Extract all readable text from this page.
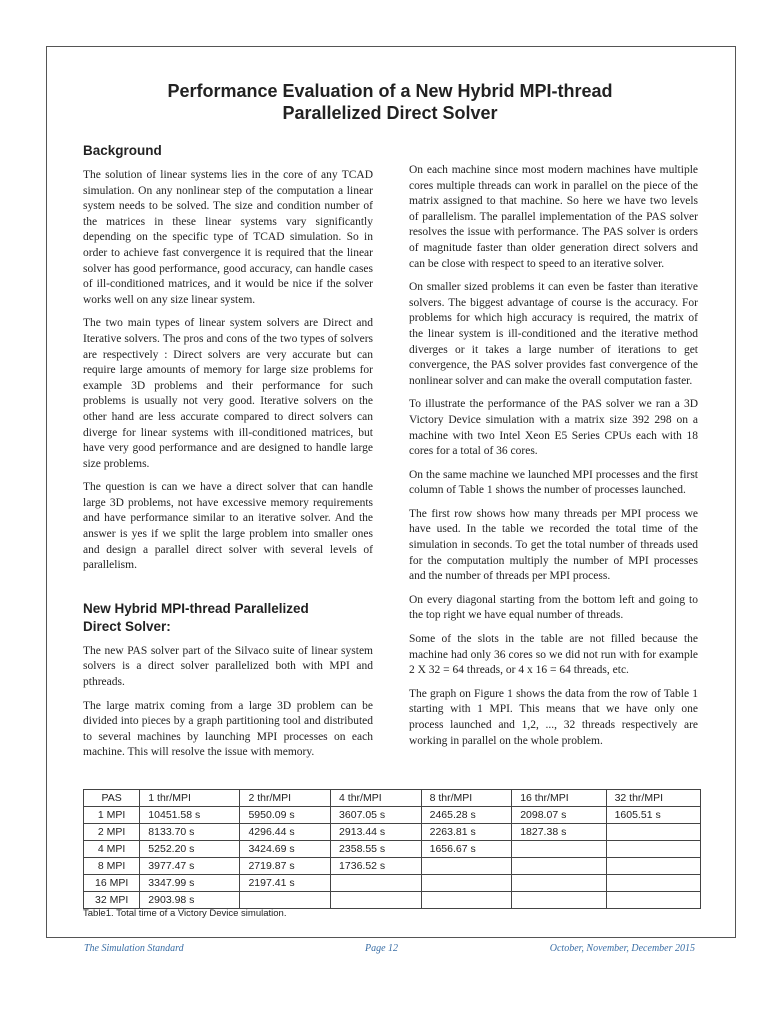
Performance Evaluation of a New Hybrid MPI-thread
Parallelized Direct Solver
Background

The solution of linear systems lies in the core of any TCAD simulation. On any nonlinear step of the computation a linear system needs to be solved. The size and condition number of the matrices in these linear systems vary significantly depending on the specific type of TCAD simulation. So in order to achieve fast convergence it is required that the linear solver has good performance, good accuracy, can handle cases of ill-conditioned matrices, and it would be nice if the solver works well on any size linear system.

The two main types of linear system solvers are Direct and Iterative solvers. The pros and cons of the two types of solvers are respectively : Direct solvers are very accurate but can require large amounts of memory for large size problems for example 3D problems and their performance for such problems is usually not very good. Iterative solvers on the other hand are less accurate compared to direct solvers can diverge for linear systems with ill-conditioned matrices, but have very good performance and are designed to handle large size problems.

The question is can we have a direct solver that can handle large 3D problems, not have excessive memory requirements and have performance similar to an iterative solver. And the answer is yes if we split the large problem into smaller ones and design a parallel direct solver with several levels of parallelism.

New Hybrid MPI-thread Parallelized
Direct Solver:

The new PAS solver part of the Silvaco suite of linear system solvers is a direct solver parallelized both with MPI and pthreads.

The large matrix coming from a large 3D problem can be divided into pieces by a graph partitioning tool and distributed to several machines by launching MPI processes on each machine. This will resolve the issue with memory.

On each machine since most modern machines have multiple cores multiple threads can work in parallel on the piece of the matrix assigned to that machine. So here we have two levels of parallelism. The parallel implementation of the PAS solver resolves the issue with performance. The PAS solver is orders of magnitude faster than older generation direct solvers and can be close with respect to speed to an iterative solver.

On smaller sized problems it can even be faster than iterative solvers. The biggest advantage of course is the accuracy. For problems for which high accuracy is required, the matrix of the linear system is ill-conditioned and the iterative method diverges or it takes a large number of iterations to get convergence, the PAS solver provides fast convergence of the nonlinear solver and can make the overall computation faster.

To illustrate the performance of the PAS solver we ran a 3D Victory Device simulation with a matrix size 392 298 on a machine with two Intel Xeon E5 Series CPUs each with 18 cores for a total of 36 cores.

On the same machine we launched MPI processes and the first column of Table 1 shows the number of processes launched.

The first row shows how many threads per MPI process we have used. In the table we recorded the total time of the simulation in seconds. To get the total number of threads used for the computation multiply the number of MPI processes and the number of threads per MPI process.

On every diagonal starting from the bottom left and going to the top right we have equal number of threads.

Some of the slots in the table are not filled because the machine had only 36 cores so we did not run with for example 2 X 32 = 64 threads, or 4 x 16 = 64 threads, etc.

The graph on Figure 1 shows the data from the row of Table 1 starting with 1 MPI. This means that we have only one process launched and 1,2, ..., 32 threads respectively are working in parallel on the whole problem.

PAS	1 thr/MPI	2 thr/MPI	4 thr/MPI	8 thr/MPI	16 thr/MPI	32 thr/MPI
1 MPI	10451.58 s	5950.09 s	3607.05 s	2465.28 s	2098.07 s	1605.51 s
2 MPI	8133.70 s	4296.44 s	2913.44 s	2263.81 s	1827.38 s	
4 MPI	5252.20 s	3424.69 s	2358.55 s	1656.67 s		
8 MPI	3977.47 s	2719.87 s	1736.52 s			
16 MPI	3347.99 s	2197.41 s				
32 MPI	2903.98 s					
Table1. Total time of a Victory Device simulation.
The Simulation Standard	Page 12	October, November, December 2015
